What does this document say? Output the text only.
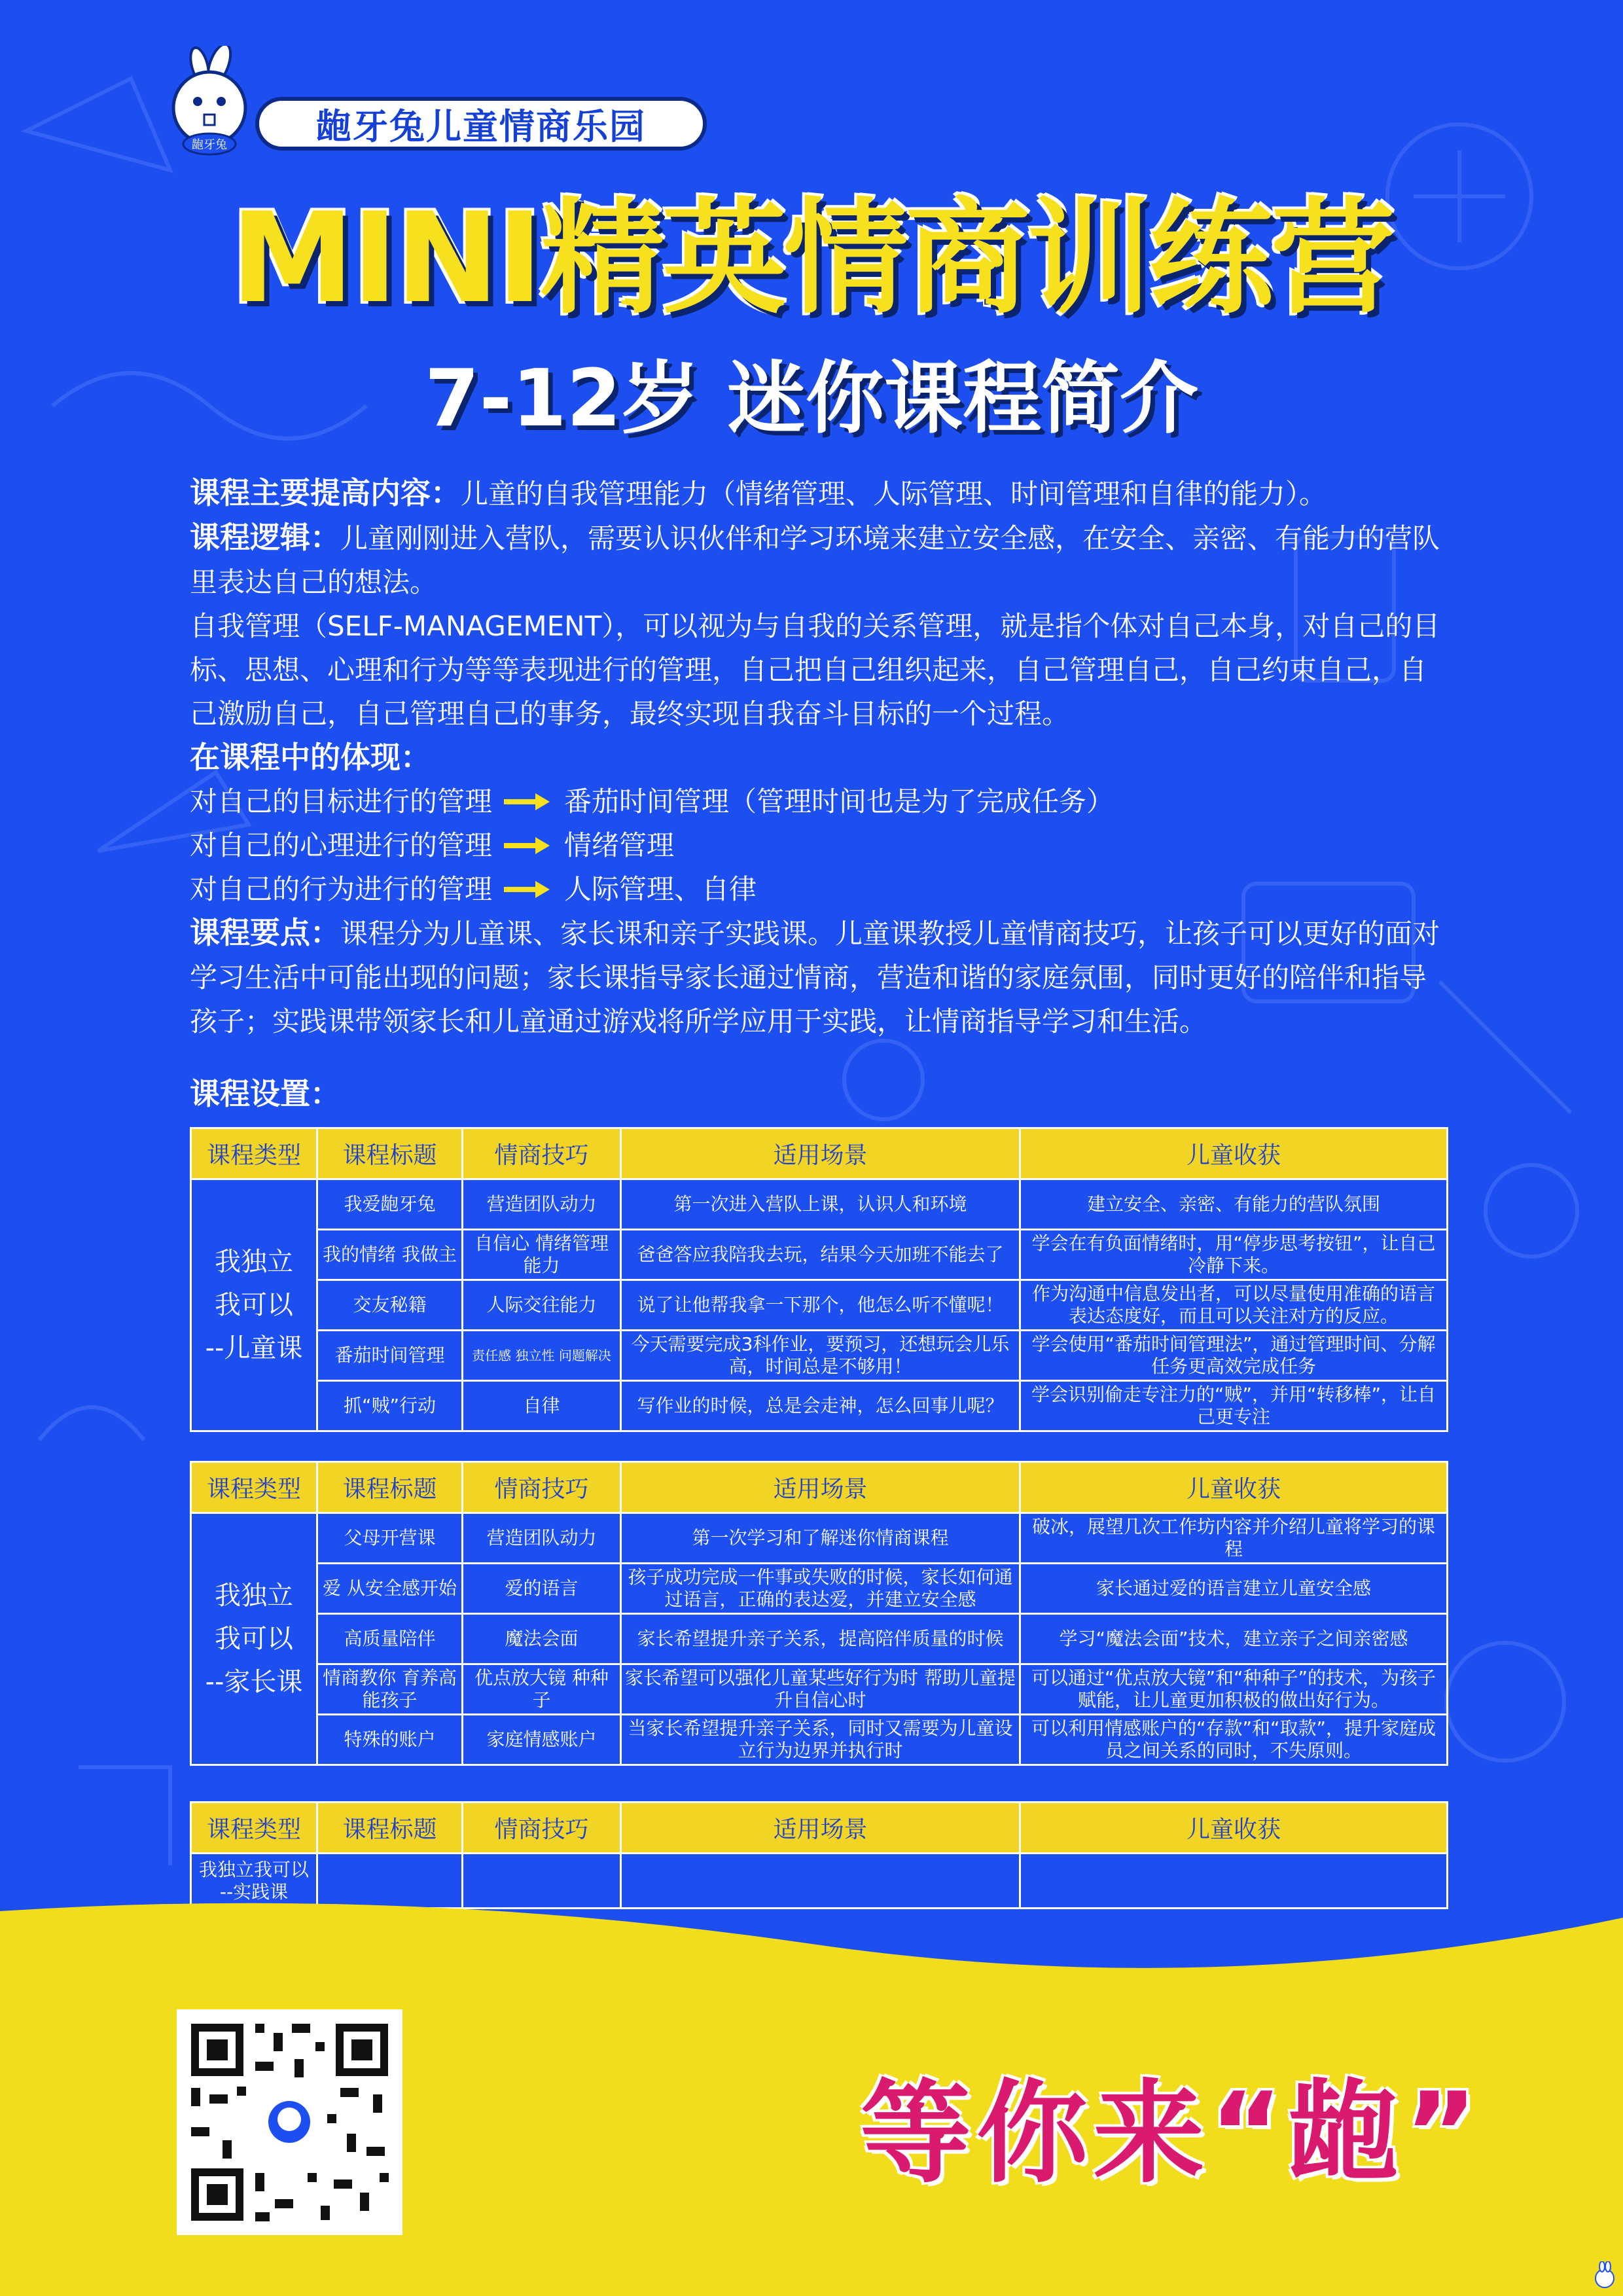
龅牙兔	龅牙兔儿童情商乐园
MINI精英情商训练营
7-12岁 迷你课程简介

课程主要提高内容：儿童的自我管理能力（情绪管理、人际管理、时间管理和自律的能力）。

课程逻辑：儿童刚刚进入营队，需要认识伙伴和学习环境来建立安全感，在安全、亲密、有能力的营队里表达自己的想法。

自我管理（SELF-MANAGEMENT），可以视为与自我的关系管理，就是指个体对自己本身，对自己的目标、思想、心理和行为等等表现进行的管理，自己把自己组织起来，自己管理自己，自己约束自己，自己激励自己，自己管理自己的事务，最终实现自我奋斗目标的一个过程。

在课程中的体现：

对自己的目标进行的管理	番茄时间管理（管理时间也是为了完成任务）
对自己的心理进行的管理	情绪管理
对自己的行为进行的管理	人际管理、自律

课程要点：课程分为儿童课、家长课和亲子实践课。儿童课教授儿童情商技巧，让孩子可以更好的面对学习生活中可能出现的问题；家长课指导家长通过情商，营造和谐的家庭氛围，同时更好的陪伴和指导孩子；实践课带领家长和儿童通过游戏将所学应用于实践，让情商指导学习和生活。

课程设置：
课程类型	课程标题	情商技巧	适用场景	儿童收获

我独立
我可以
--儿童课	我爱龅牙兔	营造团队动力	第一次进入营队上课，认识人和环境	建立安全、亲密、有能力的营队氛围
	我的情绪 我做主	自信心 情绪管理能力	爸爸答应我陪我去玩，结果今天加班不能去了	学会在有负面情绪时，用“停步思考按钮”，让自己冷静下来。
	交友秘籍	人际交往能力	说了让他帮我拿一下那个，他怎么听不懂呢！	作为沟通中信息发出者，可以尽量使用准确的语言表达态度好，而且可以关注对方的反应。
	番茄时间管理	责任感 独立性 问题解决	今天需要完成3科作业，要预习，还想玩会儿乐高，时间总是不够用！	学会使用“番茄时间管理法”，通过管理时间、分解任务更高效完成任务
	抓“贼”行动	自律	写作业的时候，总是会走神，怎么回事儿呢？	学会识别偷走专注力的“贼”，并用“转移棒”，让自己更专注
课程类型	课程标题	情商技巧	适用场景	儿童收获

我独立
我可以
--家长课	父母开营课	营造团队动力	第一次学习和了解迷你情商课程	破冰，展望几次工作坊内容并介绍儿童将学习的课程
	爱 从安全感开始	爱的语言	孩子成功完成一件事或失败的时候，家长如何通过语言，正确的表达爱，并建立安全感	家长通过爱的语言建立儿童安全感
	高质量陪伴	魔法会面	家长希望提升亲子关系，提高陪伴质量的时候	学习“魔法会面”技术，建立亲子之间亲密感
	情商教你 育养高能孩子	优点放大镜 种种子	家长希望可以强化儿童某些好行为时 帮助儿童提升自信心时	可以通过“优点放大镜”和“种种子”的技术，为孩子赋能，让儿童更加积极的做出好行为。
	特殊的账户	家庭情感账户	当家长希望提升亲子关系，同时又需要为儿童设立行为边界并执行时	可以利用情感账户的“存款”和“取款”，提升家庭成员之间关系的同时，不失原则。
课程类型	课程标题	情商技巧	适用场景	儿童收获
我独立我可以 --实践课				
等你来“龅”
